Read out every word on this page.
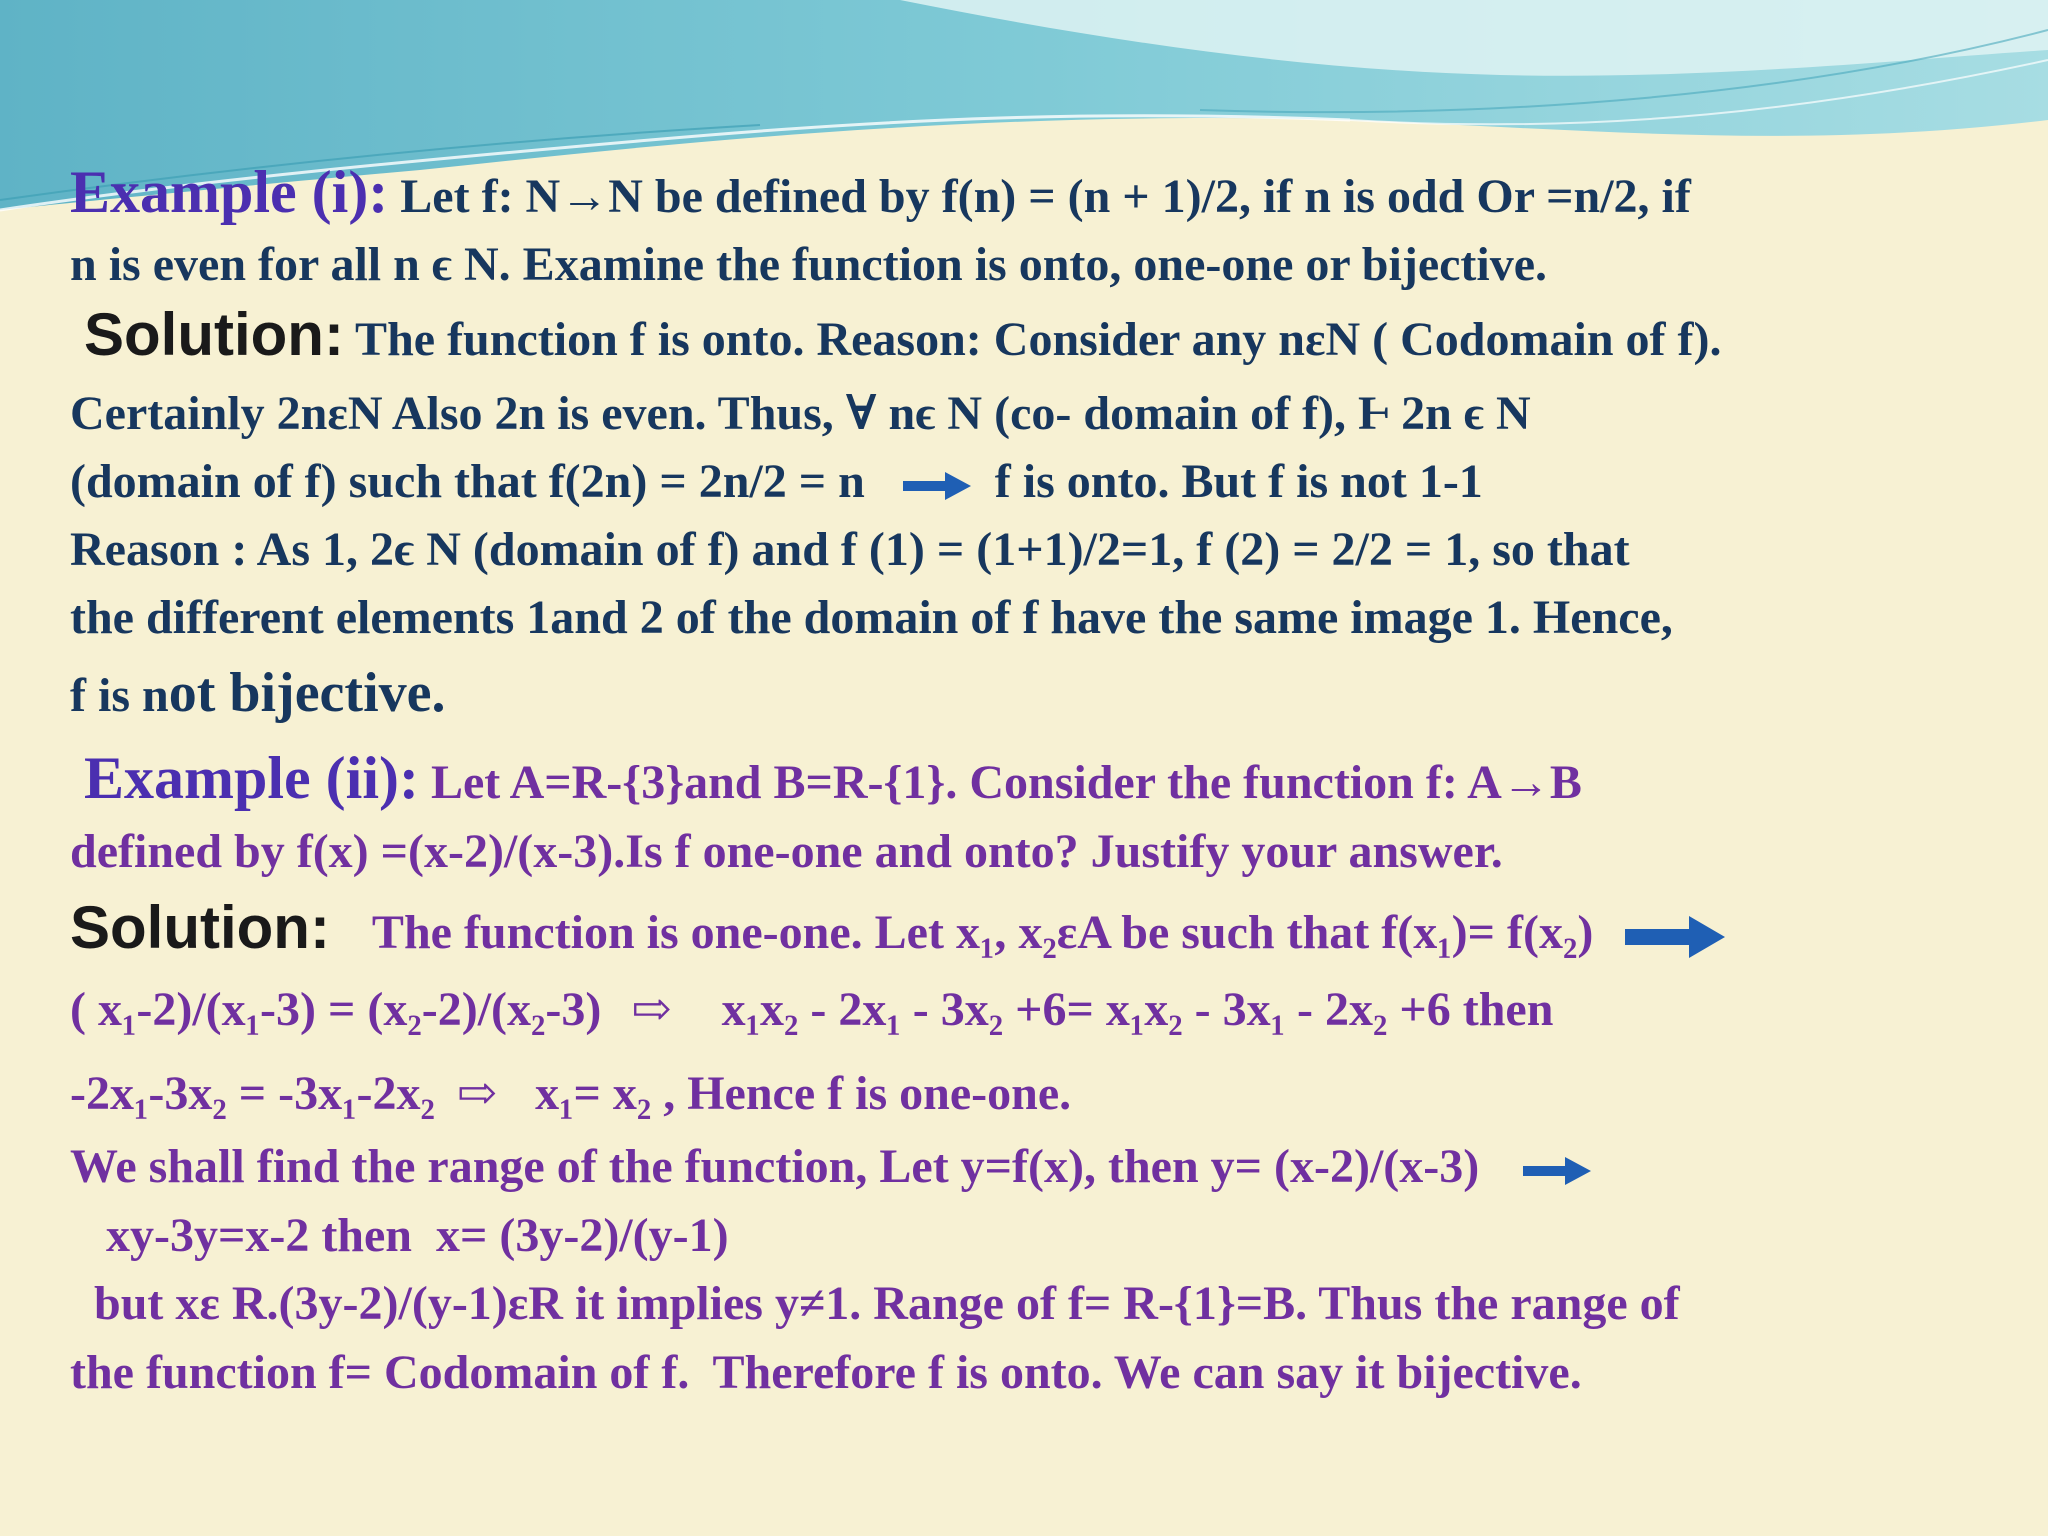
Example (i): Let f: N→N be defined by f(n) = (n + 1)/2, if n is odd Or =n/2, if
n is even for all n ϵ N. Examine the function is onto, one-one or bijective.
Solution: The function f is onto. Reason: Consider any nεN ( Codomain of f).
Certainly 2nεN Also 2n is even. Thus, ∀ nϵ N (co- domain of f), Ⱶ 2n ϵ N
(domain of f) such that f(2n) = 2n/2 = n	f is onto. But f is not 1-1
Reason : As 1, 2ϵ N (domain of f) and f (1) = (1+1)/2=1, f (2) = 2/2 = 1, so that
the different elements 1and 2 of the domain of f have the same image 1. Hence,
f is not bijective.
Example (ii): Let A=R-{3}and B=R-{1}. Consider the function f: A→B
defined by f(x) =(x-2)/(x-3).Is f one-one and onto? Justify your answer.
Solution: The function is one-one. Let x₁, x₂εA be such that f(x₁)= f(x₂)
( x₁-2)/(x₁-3) = (x₂-2)/(x₂-3) ⇨ x₁x₂ - 2x₁ - 3x₂ +6= x₁x₂ - 3x₁ - 2x₂ +6 then
-2x₁-3x₂ = -3x₁-2x₂ ⇨ x₁= x₂ , Hence f is one-one.
We shall find the range of the function, Let y=f(x), then y= (x-2)/(x-3)
xy-3y=x-2 then  x= (3y-2)/(y-1)
but xε R.(3y-2)/(y-1)εR it implies y≠1. Range of f= R-{1}=B. Thus the range of
the function f= Codomain of f.  Therefore f is onto. We can say it bijective.
